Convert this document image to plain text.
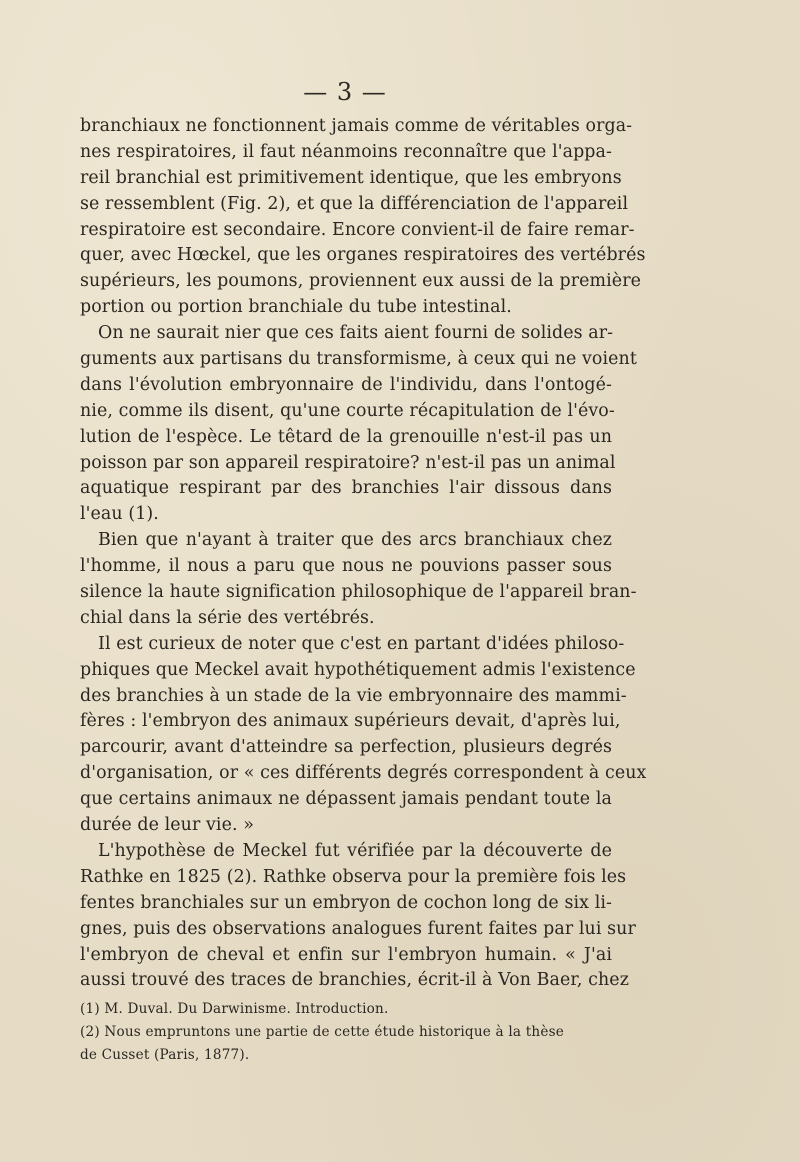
— 3 —
branchiaux ne fonctionnent jamais comme de véritables orga-
nes respiratoires, il faut néanmoins reconnaître que l'appa-
reil branchial est primitivement identique, que les embryons
se ressemblent (Fig. 2), et que la différenciation de l'appareil
respiratoire est secondaire. Encore convient-il de faire remar-
quer, avec Hœckel, que les organes respiratoires des vertébrés
supérieurs, les poumons, proviennent eux aussi de la première
portion ou portion branchiale du tube intestinal.
On ne saurait nier que ces faits aient fourni de solides ar-
guments aux partisans du transformisme, à ceux qui ne voient
dans l'évolution embryonnaire de l'individu, dans l'ontogé-
nie, comme ils disent, qu'une courte récapitulation de l'évo-
lution de l'espèce. Le têtard de la grenouille n'est-il pas un
poisson par son appareil respiratoire? n'est-il pas un animal
aquatique respirant par des branchies l'air dissous dans
l'eau (1).
Bien que n'ayant à traiter que des arcs branchiaux chez
l'homme, il nous a paru que nous ne pouvions passer sous
silence la haute signification philosophique de l'appareil bran-
chial dans la série des vertébrés.
Il est curieux de noter que c'est en partant d'idées philoso-
phiques que Meckel avait hypothétiquement admis l'existence
des branchies à un stade de la vie embryonnaire des mammi-
fères : l'embryon des animaux supérieurs devait, d'après lui,
parcourir, avant d'atteindre sa perfection, plusieurs degrés
d'organisation, or « ces différents degrés correspondent à ceux
que certains animaux ne dépassent jamais pendant toute la
durée de leur vie. »
L'hypothèse de Meckel fut vérifiée par la découverte de
Rathke en 1825 (2). Rathke observa pour la première fois les
fentes branchiales sur un embryon de cochon long de six li-
gnes, puis des observations analogues furent faites par lui sur
l'embryon de cheval et enfin sur l'embryon humain. « J'ai
aussi trouvé des traces de branchies, écrit-il à Von Baer, chez
(1) M. Duval. Du Darwinisme. Introduction.
(2) Nous empruntons une partie de cette étude historique à la thèse
de Cusset (Paris, 1877).
